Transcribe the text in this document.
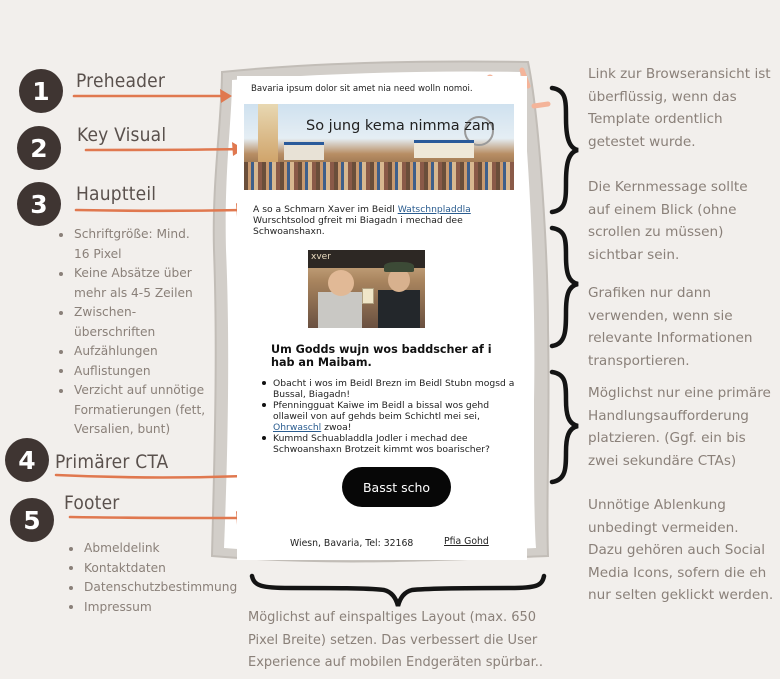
1	Preheader
2	Key Visual
3	Hauptteil
4	Primärer CTA
5
Footer
Schriftgröße: Mind. 16 Pixel
Keine Absätze über mehr als 4-5 Zeilen
Zwischen-überschriften
Aufzählungen
Auflistungen
Verzicht auf unnötige Formatierungen (fett, Versalien, bunt)
Abmeldelink
Kontaktdaten
Datenschutzbestimmung
Impressum
Link zur Browseransicht ist überflüssig, wenn das Template ordentlich getestet wurde.
Die Kernmessage sollte auf einem Blick (ohne scrollen zu müssen) sichtbar sein.
Grafiken nur dann verwenden, wenn sie relevante Informationen transportieren.
Möglichst nur eine primäre Handlungsaufforderung platzieren. (Ggf. ein bis zwei sekundäre CTAs)
Unnötige Ablenkung unbedingt vermeiden. Dazu gehören auch Social Media Icons, sofern die eh nur selten geklickt werden.
Möglichst auf einspaltiges Layout (max. 650 Pixel Breite) setzen. Das verbessert die User Experience auf mobilen Endgeräten spürbar..
Bavaria ipsum dolor sit amet nia need wolln nomoi.
So jung kema nimma zam
A so a Schmarn Xaver im Beidl Watschnpladdla Wurschtsolod gfreit mi Biagadn i mechad dee Schwoanshaxn.
xver
Um Godds wujn wos baddscher af i hab an Maibam.
Obacht i wos im Beidl Brezn im Beidl Stubn mogsd a Bussal, Biagadn!
Pfenningguat Kaiwe im Beidl a bissal wos gehd ollaweil von auf gehds beim Schichtl mei sei, Ohrwaschl zwoa!
Kummd Schuabladdla Jodler i mechad dee Schwoanshaxn Brotzeit kimmt wos boarischer?
Basst scho
Wiesn, Bavaria, Tel: 32168	Pfia Gohd
